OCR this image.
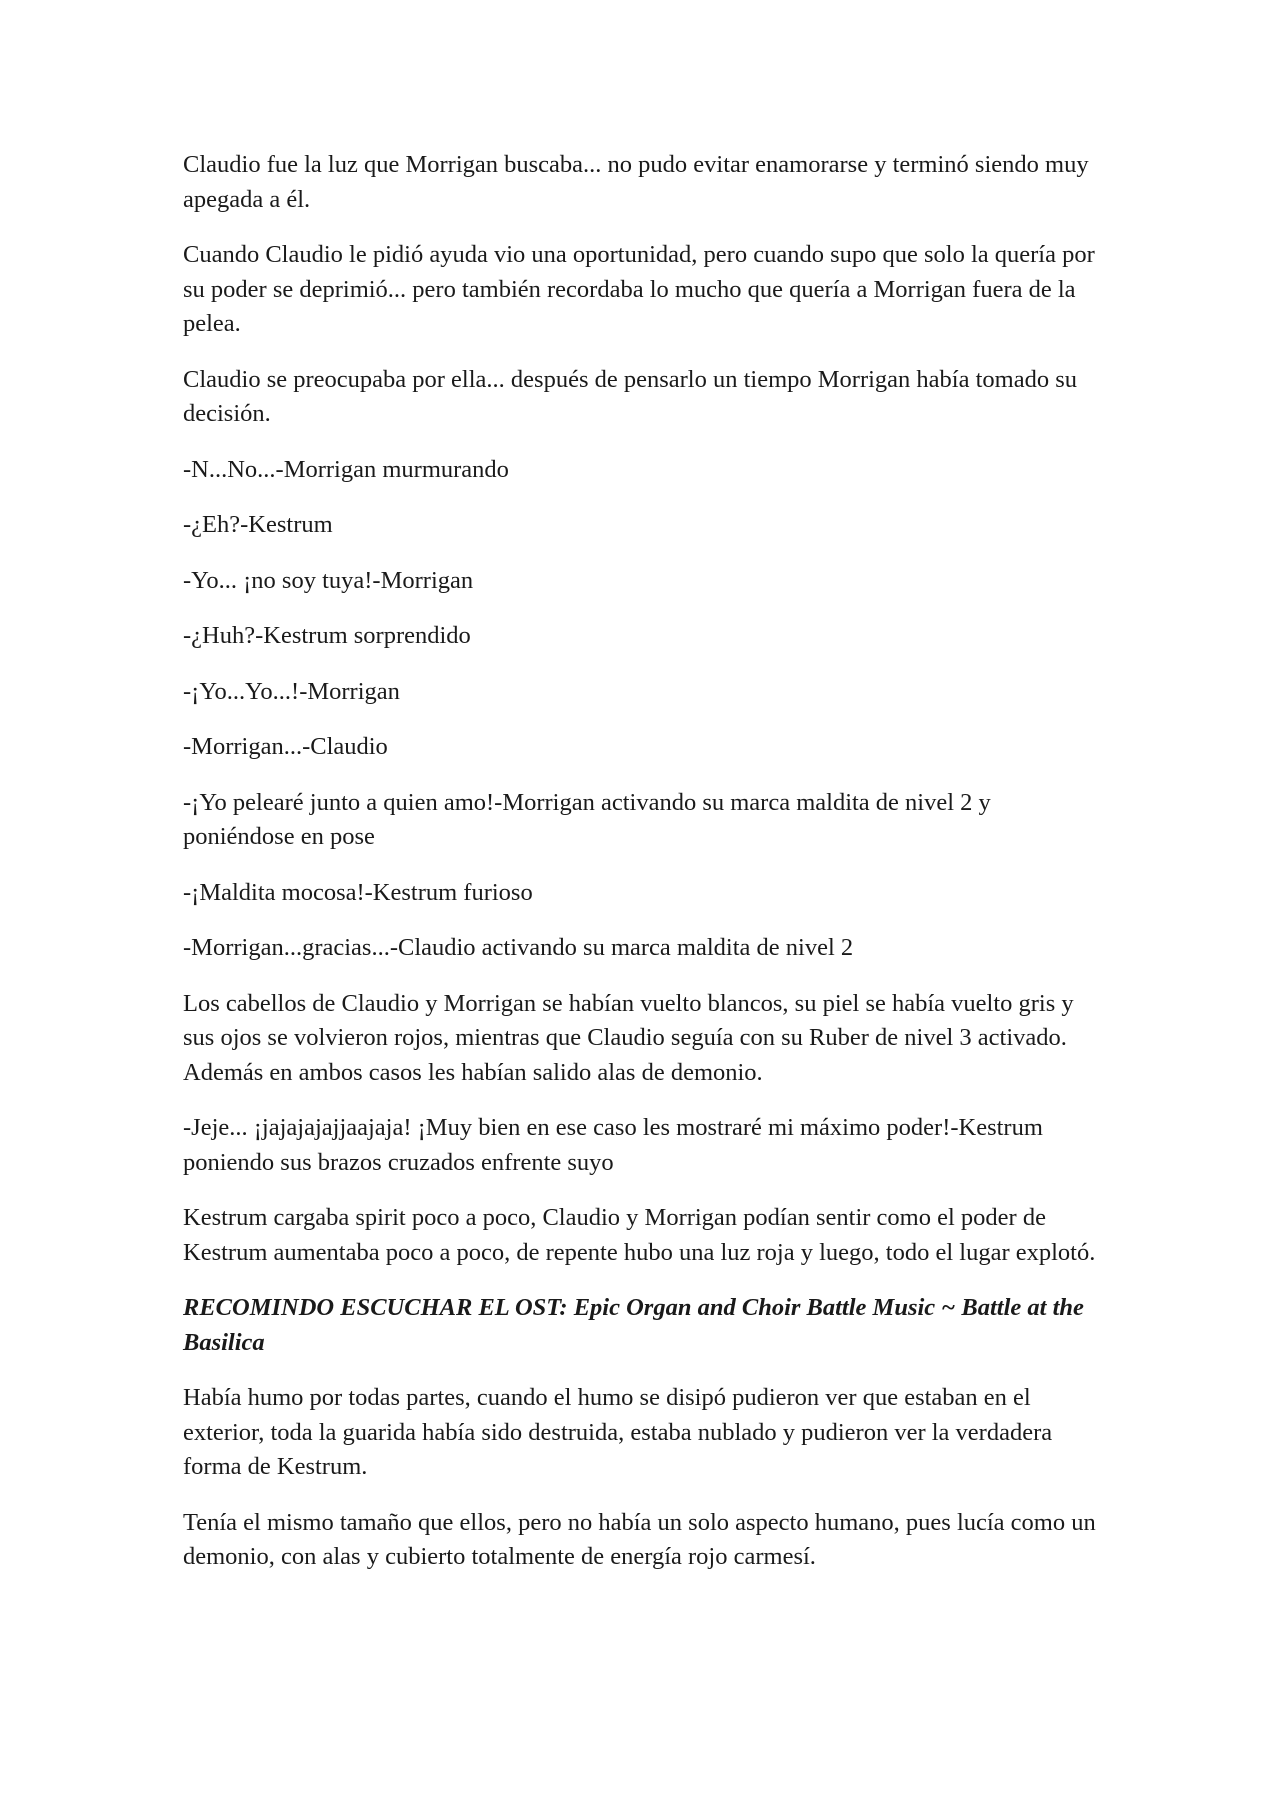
Claudio fue la luz que Morrigan buscaba... no pudo evitar enamorarse y terminó siendo muy apegada a él.

Cuando Claudio le pidió ayuda vio una oportunidad, pero cuando supo que solo la quería por su poder se deprimió... pero también recordaba lo mucho que quería a Morrigan fuera de la pelea.

Claudio se preocupaba por ella... después de pensarlo un tiempo Morrigan había tomado su decisión.

-N...No...-Morrigan murmurando

-¿Eh?-Kestrum

-Yo... ¡no soy tuya!-Morrigan

-¿Huh?-Kestrum sorprendido

-¡Yo...Yo...!-Morrigan

-Morrigan...-Claudio

-¡Yo pelearé junto a quien amo!-Morrigan activando su marca maldita de nivel 2 y poniéndose en pose

-¡Maldita mocosa!-Kestrum furioso

-Morrigan...gracias...-Claudio activando su marca maldita de nivel 2

Los cabellos de Claudio y Morrigan se habían vuelto blancos, su piel se había vuelto gris y sus ojos se volvieron rojos, mientras que Claudio seguía con su Ruber de nivel 3 activado. Además en ambos casos les habían salido alas de demonio.

-Jeje... ¡jajajajajjaajaja! ¡Muy bien en ese caso les mostraré mi máximo poder!-Kestrum poniendo sus brazos cruzados enfrente suyo

Kestrum cargaba spirit poco a poco, Claudio y Morrigan podían sentir como el poder de Kestrum aumentaba poco a poco, de repente hubo una luz roja y luego, todo el lugar explotó.

RECOMINDO ESCUCHAR EL OST: Epic Organ and Choir Battle Music ~ Battle at the Basilica

Había humo por todas partes, cuando el humo se disipó pudieron ver que estaban en el exterior, toda la guarida había sido destruida, estaba nublado y pudieron ver la verdadera forma de Kestrum.

Tenía el mismo tamaño que ellos, pero no había un solo aspecto humano, pues lucía como un demonio, con alas y cubierto totalmente de energía rojo carmesí.
